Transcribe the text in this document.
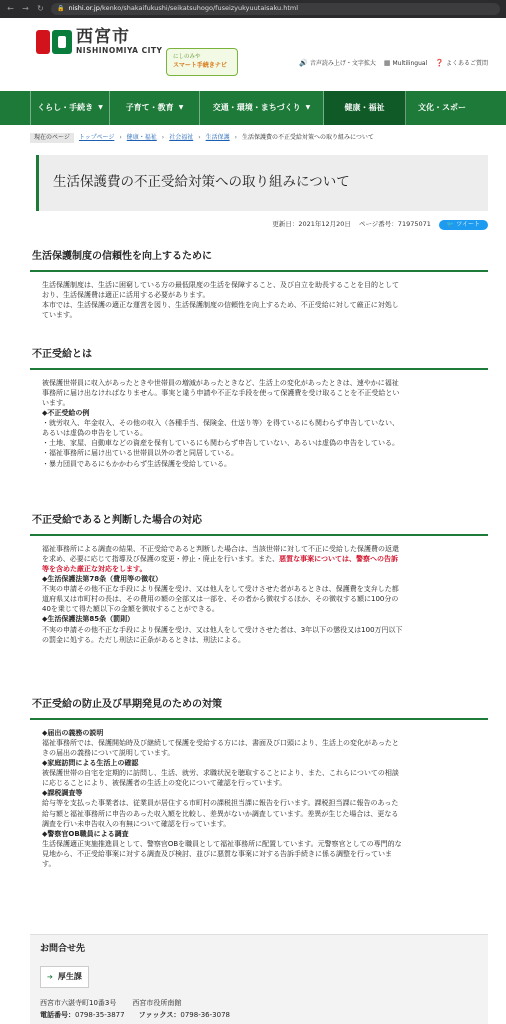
← → ↻ 🔒 nishi.or.jp/kenko/shakaifukushi/seikatsuhogo/fuseizyukyuutaisaku.html
西宮市
NISHINOMIYA CITY
にしのみや
スマート手続きナビ	🔊 音声読み上げ・文字拡大 ▦ Multilingual ❓ よくあるご質問
くらし・手続き ▼	子育て・教育 ▼	交通・環境・まちづくり ▼	健康・福祉	文化・スポー
現在のページ	トップページ › 健康・福祉 › 社会福祉 › 生活保護 › 生活保護費の不正受給対策への取り組みについて
生活保護費の不正受給対策への取り組みについて
更新日：2021年12月20日 ページ番号：71975071	🐦 ツイート
生活保護制度の信頼性を向上するために

生活保護制度は、生活に困窮している方の最低限度の生活を保障すること、及び自立を助長することを目的として

おり、生活保護費は適正に活用する必要があります。

本市では、生活保護の適正な運営を図り、生活保護制度の信頼性を向上するため、不正受給に対して厳正に対処し

ています。

不正受給とは

被保護世帯員に収入があったときや世帯員の増減があったときなど、生活上の変化があったときは、速やかに福祉

事務所に届け出なければなりません。事実と違う申請や不正な手段を使って保護費を受け取ることを不正受給とい

います。

◆不正受給の例

・就労収入、年金収入、その他の収入（各種手当、保険金、仕送り等）を得ているにも関わらず申告していない、

あるいは虚偽の申告をしている。

・土地、家屋、自動車などの資産を保有しているにも関わらず申告していない、あるいは虚偽の申告をしている。

・福祉事務所に届け出ている世帯員以外の者と同居している。

・暴力団員であるにもかかわらず生活保護を受給している。

不正受給であると判断した場合の対応

福祉事務所による調査の結果、不正受給であると判断した場合は、当該世帯に対して不正に受給した保護費の返還

を求め、必要に応じて指導及び保護の変更・停止・廃止を行います。また、悪質な事案については、警察への告訴

等を含めた厳正な対応をします。

◆生活保護法第78条（費用等の徴収）

不実の申請その他不正な手段により保護を受け、又は他人をして受けさせた者があるときは、保護費を支弁した都

道府県又は市町村の長は、その費用の額の全部又は一部を、その者から徴収するほか、その徴収する額に100分の

40を乗じて得た額以下の金額を徴収することができる。

◆生活保護法第85条（罰則）

不実の申請その他不正な手段により保護を受け、又は他人をして受けさせた者は、3年以下の懲役又は100万円以下

の罰金に処する。ただし刑法に正条があるときは、刑法による。

不正受給の防止及び早期発見のための対策

◆届出の義務の説明

福祉事務所では、保護開始時及び継続して保護を受給する方には、書面及び口頭により、生活上の変化があったと

きの届出の義務について説明しています。

◆家庭訪問による生活上の確認

被保護世帯の自宅を定期的に訪問し、生活、就労、求職状況を聴取することにより、また、これらについての相談

に応じることにより、被保護者の生活上の変化について確認を行っています。

◆課税調査等

給与等を支払った事業者は、従業員が居住する市町村の課税担当課に報告を行います。課税担当課に報告のあった

給与額と福祉事務所に申告のあった収入額を比較し、差異がないか調査しています。差異が生じた場合は、更なる

調査を行い未申告収入の有無について確認を行っています。

◆警察官OB職員による調査

生活保護適正実施推進員として、警察官OBを職員として福祉事務所に配置しています。元警察官としての専門的な

見地から、不正受給事案に対する調査及び検討、並びに悪質な事案に対する告訴手続きに係る調整を行っていま

す。

お問合せ先
➔ 厚生課
西宮市六湛寺町10番3号 西宮市役所南館
電話番号：0798-35-3877 ファックス：0798-36-3078
